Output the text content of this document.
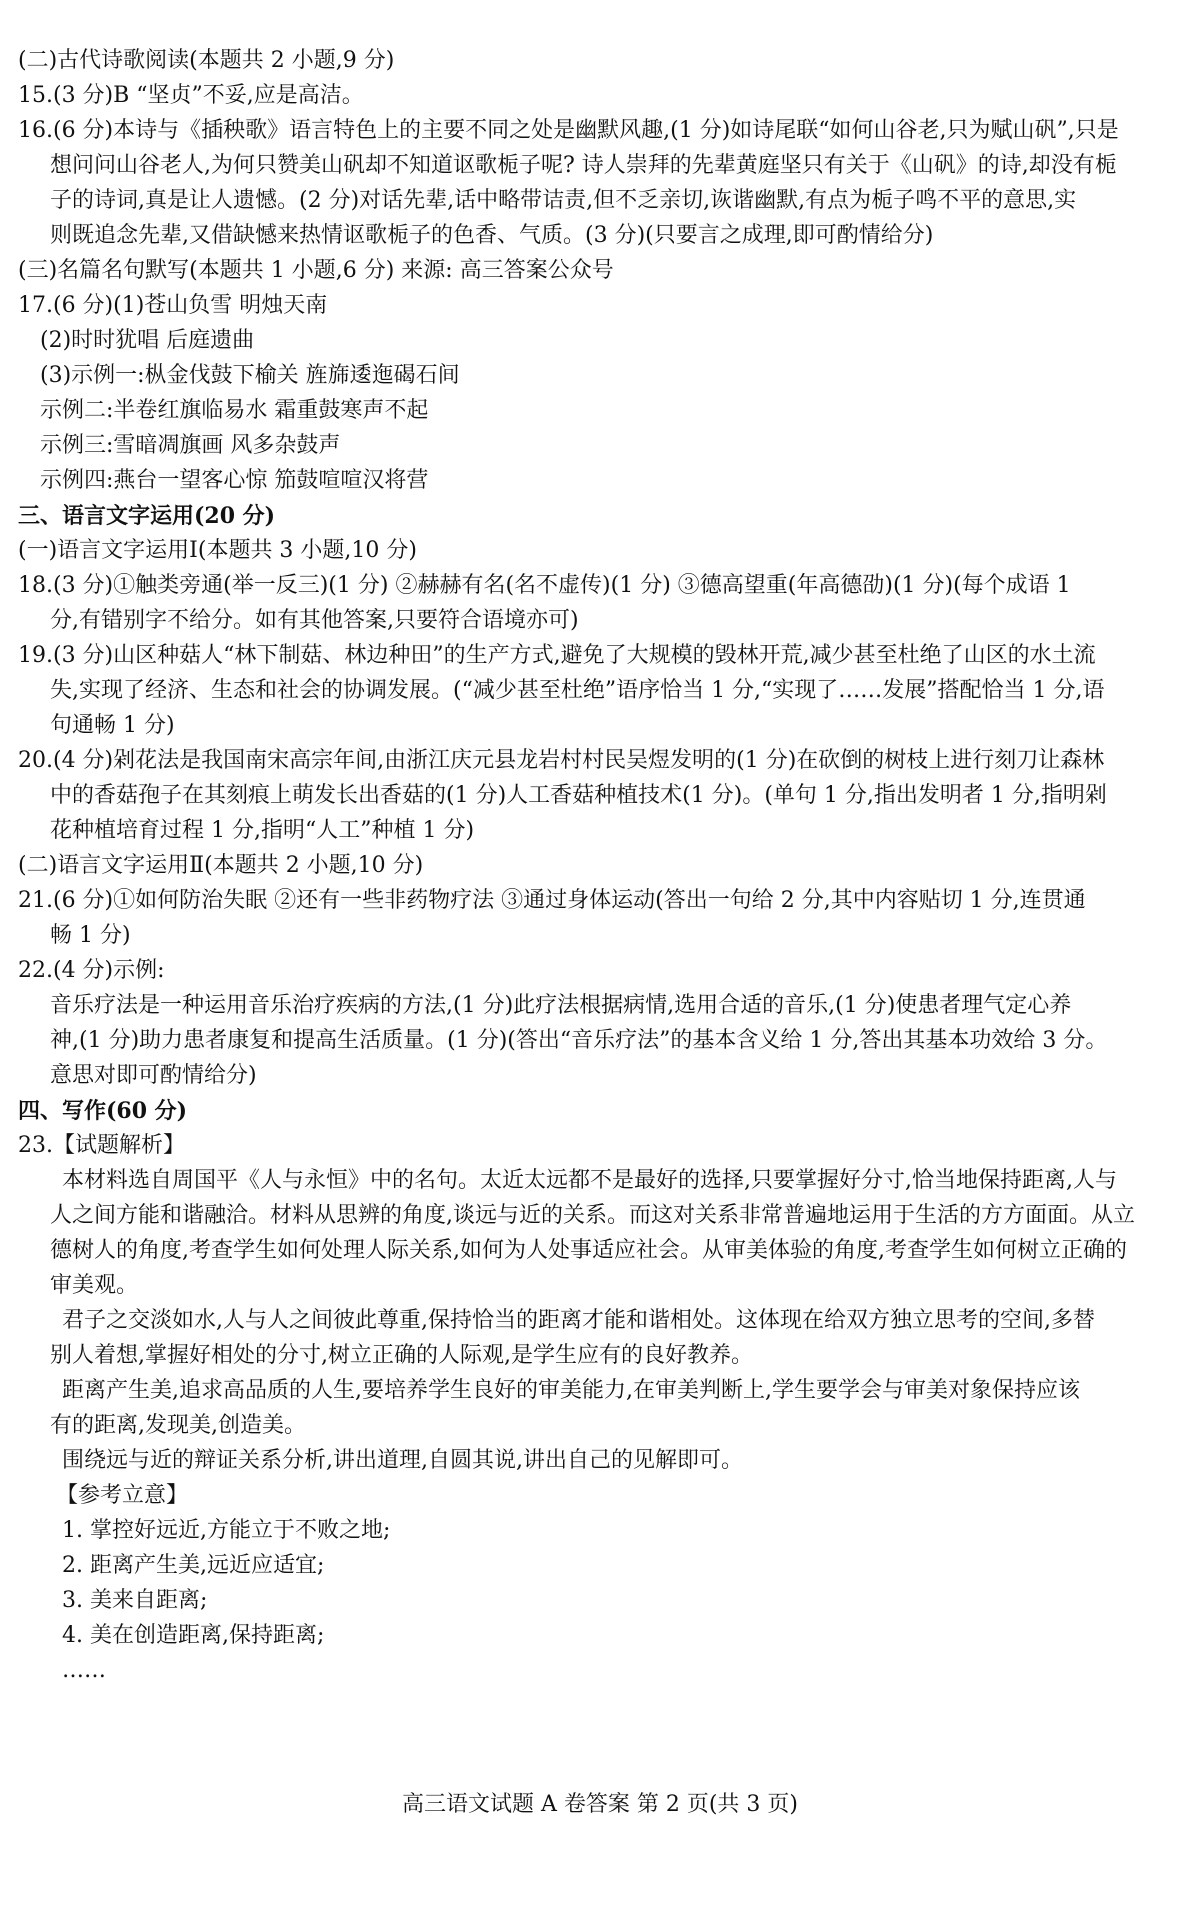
(二)古代诗歌阅读(本题共 2 小题,9 分)
15.(3 分)B “坚贞”不妥,应是高洁。
16.(6 分)本诗与《插秧歌》语言特色上的主要不同之处是幽默风趣,(1 分)如诗尾联“如何山谷老,只为赋山矾”,只是
想问问山谷老人,为何只赞美山矾却不知道讴歌栀子呢? 诗人崇拜的先辈黄庭坚只有关于《山矾》的诗,却没有栀
子的诗词,真是让人遗憾。(2 分)对话先辈,话中略带诘责,但不乏亲切,诙谐幽默,有点为栀子鸣不平的意思,实
则既追念先辈,又借缺憾来热情讴歌栀子的色香、气质。(3 分)(只要言之成理,即可酌情给分)
(三)名篇名句默写(本题共 1 小题,6 分) 来源: 高三答案公众号
17.(6 分)(1)苍山负雪 明烛天南
(2)时时犹唱 后庭遗曲
(3)示例一:枞金伐鼓下榆关 旌旆逶迤碣石间
示例二:半卷红旗临易水 霜重鼓寒声不起
示例三:雪暗凋旗画 风多杂鼓声
示例四:燕台一望客心惊 笳鼓喧喧汉将营
三、语言文字运用(20 分)
(一)语言文字运用Ⅰ(本题共 3 小题,10 分)
18.(3 分)①触类旁通(举一反三)(1 分) ②赫赫有名(名不虚传)(1 分) ③德高望重(年高德劭)(1 分)(每个成语 1
分,有错别字不给分。如有其他答案,只要符合语境亦可)
19.(3 分)山区种菇人“林下制菇、林边种田”的生产方式,避免了大规模的毁林开荒,减少甚至杜绝了山区的水土流
失,实现了经济、生态和社会的协调发展。(“减少甚至杜绝”语序恰当 1 分,“实现了……发展”搭配恰当 1 分,语
句通畅 1 分)
20.(4 分)剁花法是我国南宋高宗年间,由浙江庆元县龙岩村村民吴煜发明的(1 分)在砍倒的树枝上进行刻刀让森林
中的香菇孢子在其刻痕上萌发长出香菇的(1 分)人工香菇种植技术(1 分)。(单句 1 分,指出发明者 1 分,指明剁
花种植培育过程 1 分,指明“人工”种植 1 分)
(二)语言文字运用Ⅱ(本题共 2 小题,10 分)
21.(6 分)①如何防治失眠 ②还有一些非药物疗法 ③通过身体运动(答出一句给 2 分,其中内容贴切 1 分,连贯通
畅 1 分)
22.(4 分)示例:
音乐疗法是一种运用音乐治疗疾病的方法,(1 分)此疗法根据病情,选用合适的音乐,(1 分)使患者理气定心养
神,(1 分)助力患者康复和提高生活质量。(1 分)(答出“音乐疗法”的基本含义给 1 分,答出其基本功效给 3 分。
意思对即可酌情给分)
四、写作(60 分)
23.【试题解析】
本材料选自周国平《人与永恒》中的名句。太近太远都不是最好的选择,只要掌握好分寸,恰当地保持距离,人与
人之间方能和谐融洽。材料从思辨的角度,谈远与近的关系。而这对关系非常普遍地运用于生活的方方面面。从立
德树人的角度,考查学生如何处理人际关系,如何为人处事适应社会。从审美体验的角度,考查学生如何树立正确的
审美观。
君子之交淡如水,人与人之间彼此尊重,保持恰当的距离才能和谐相处。这体现在给双方独立思考的空间,多替
别人着想,掌握好相处的分寸,树立正确的人际观,是学生应有的良好教养。
距离产生美,追求高品质的人生,要培养学生良好的审美能力,在审美判断上,学生要学会与审美对象保持应该
有的距离,发现美,创造美。
围绕远与近的辩证关系分析,讲出道理,自圆其说,讲出自己的见解即可。
【参考立意】
1. 掌控好远近,方能立于不败之地;
2. 距离产生美,远近应适宜;
3. 美来自距离;
4. 美在创造距离,保持距离;
……
高三语文试题 A 卷答案 第 2 页(共 3 页)
